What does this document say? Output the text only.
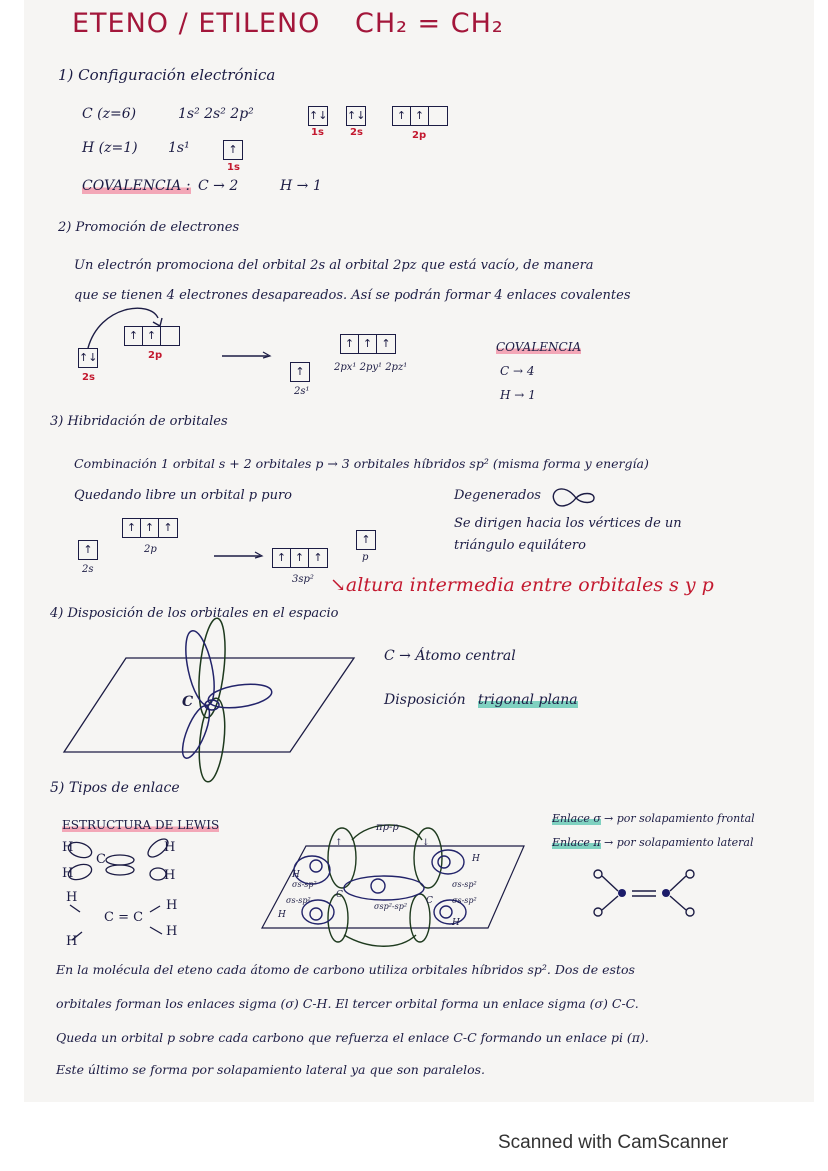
ETENO / ETILENO CH₂ = CH₂
1) Configuración electrónica
C (z=6)	1s² 2s² 2p²	↑↓ ↑↓	↑ ↑
1s	2s	2p
H (z=1) 1s¹	↑
1s
COVALENCIA : C → 2	H → 1
2) Promoción de electrones
Un electrón promociona del orbital 2s al orbital 2pz que está vacío, de manera
que se tienen 4 electrones desapareados. Así se podrán formar 4 enlaces covalentes
↑↓
2s
↑ ↑
2p
↑
2s¹
↑ ↑ ↑
2px¹ 2py¹ 2pz¹
COVALENCIA
C → 4
H → 1
3) Hibridación de orbitales
Combinación 1 orbital s + 2 orbitales p → 3 orbitales híbridos sp² (misma forma y energía)
Quedando libre un orbital p puro	Degenerados
Se dirigen hacia los vértices de un
triángulo equilátero
↑
2s
↑ ↑ ↑
2p
↑ ↑ ↑
3sp²
↑
p
↘altura intermedia entre orbitales s y p
4) Disposición de los orbitales en el espacio
C
C → Átomo central
Disposición trigonal plana
5) Tipos de enlace
ESTRUCTURA DE LEWIS
H
H
C
H
H
H
H
C = C
H
H
πp-p
↑	↓
σs-sp²
σs-sp²
σsp²-sp²
σs-sp²
σs-sp²
C
C
H
H
H
H
Enlace σ → por solapamiento frontal
Enlace π → por solapamiento lateral
En la molécula del eteno cada átomo de carbono utiliza orbitales híbridos sp². Dos de estos
orbitales forman los enlaces sigma (σ) C-H. El tercer orbital forma un enlace sigma (σ) C-C.
Queda un orbital p sobre cada carbono que refuerza el enlace C-C formando un enlace pi (π).
Este último se forma por solapamiento lateral ya que son paralelos.
Scanned with CamScanner
